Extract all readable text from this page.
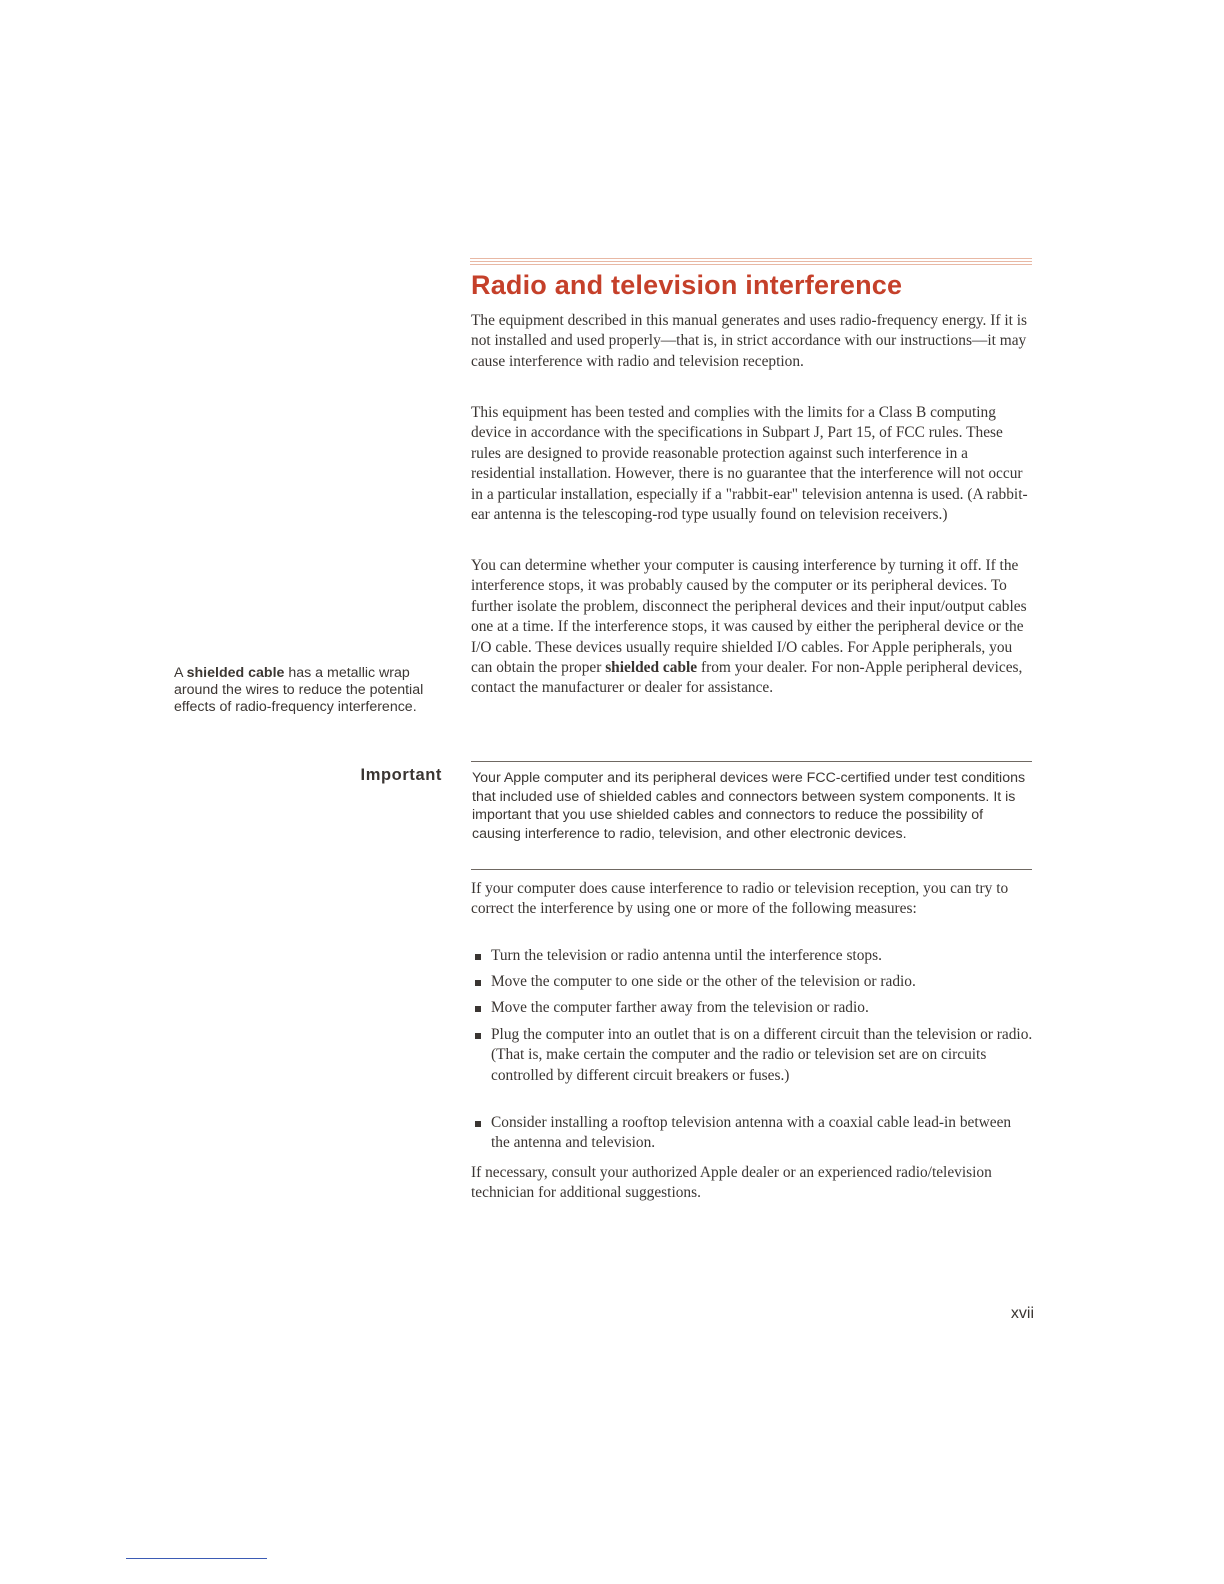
Radio and television interference

The equipment described in this manual generates and uses radio-frequency energy. If it is not installed and used properly—that is, in strict accordance with our instructions—it may cause interference with radio and television reception.

This equipment has been tested and complies with the limits for a Class B computing device in accordance with the specifications in Subpart J, Part 15, of FCC rules. These rules are designed to provide reasonable protection against such interference in a residential installation. However, there is no guarantee that the interference will not occur in a particular installation, especially if a "rabbit-ear" television antenna is used. (A rabbit-ear antenna is the telescoping-rod type usually found on television receivers.)

You can determine whether your computer is causing interference by turning it off. If the interference stops, it was probably caused by the computer or its peripheral devices. To further isolate the problem, disconnect the peripheral devices and their input/output cables one at a time. If the interference stops, it was caused by either the peripheral device or the I/O cable. These devices usually require shielded I/O cables. For Apple peripherals, you can obtain the proper shielded cable from your dealer. For non-Apple peripheral devices, contact the manufacturer or dealer for assistance.

A shielded cable has a metallic wrap around the wires to reduce the potential effects of radio-frequency interference.

Important Your Apple computer and its peripheral devices were FCC-certified under test conditions that included use of shielded cables and connectors between system components. It is important that you use shielded cables and connectors to reduce the possibility of causing interference to radio, television, and other electronic devices.

If your computer does cause interference to radio or television reception, you can try to correct the interference by using one or more of the following measures:

Turn the television or radio antenna until the interference stops.
Move the computer to one side or the other of the television or radio.
Move the computer farther away from the television or radio.
Plug the computer into an outlet that is on a different circuit than the television or radio. (That is, make certain the computer and the radio or television set are on circuits controlled by different circuit breakers or fuses.)
Consider installing a rooftop television antenna with a coaxial cable lead-in between the antenna and television.

If necessary, consult your authorized Apple dealer or an experienced radio/television technician for additional suggestions.

xvii
